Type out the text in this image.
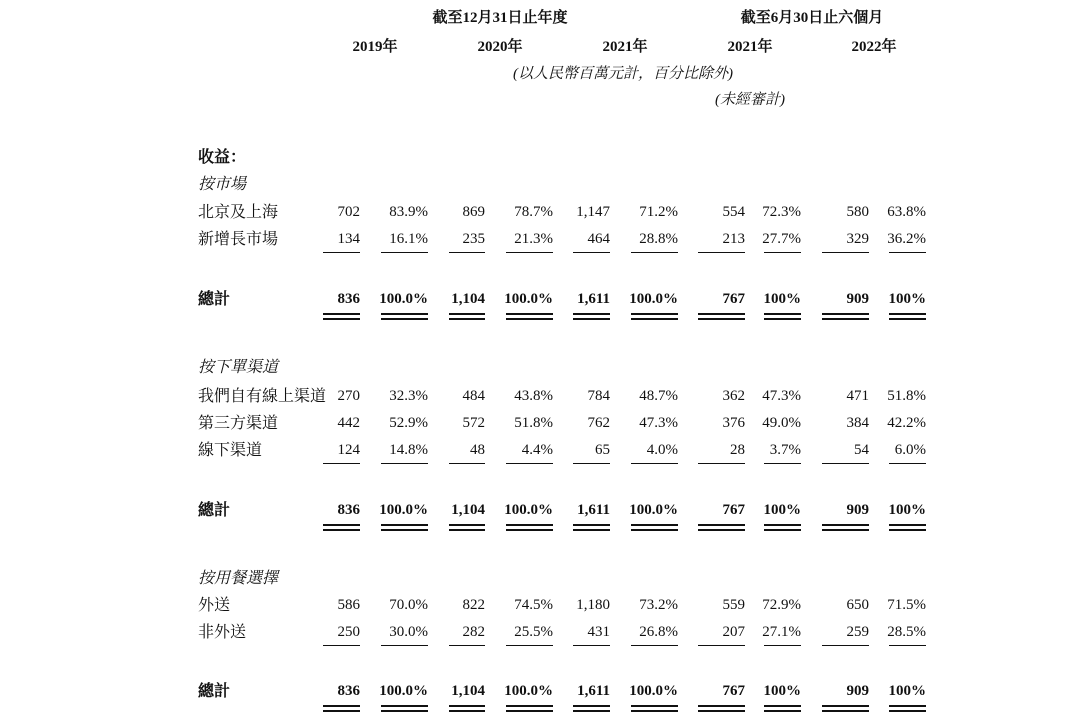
截至12月31日止年度	截至6月30日止六個月
2019年	2020年	2021年	2021年	2022年
(以人民幣百萬元計，百分比除外)
(未經審計)
收益：
按市場
北京及上海	702	83.9%	869	78.7%	1,147	71.2%	554	72.3%	580	63.8%
新增長市場	134	16.1%	235	21.3%	464	28.8%	213	27.7%	329	36.2%
總計	836	100.0%	1,104	100.0%	1,611	100.0%	767	100%	909	100%
按下單渠道
我們自有線上渠道 270	32.3%	484	43.8%	784	48.7%	362	47.3%	471	51.8%
第三方渠道	442	52.9%	572	51.8%	762	47.3%	376	49.0%	384	42.2%
線下渠道	124	14.8%	48	4.4%	65	4.0%	28	3.7%	54	6.0%
總計	836	100.0%	1,104	100.0%	1,611	100.0%	767	100%	909	100%
按用餐選擇
外送	586	70.0%	822	74.5%	1,180	73.2%	559	72.9%	650	71.5%
非外送	250	30.0%	282	25.5%	431	26.8%	207	27.1%	259	28.5%
總計	836	100.0%	1,104	100.0%	1,611	100.0%	767	100%	909	100%
